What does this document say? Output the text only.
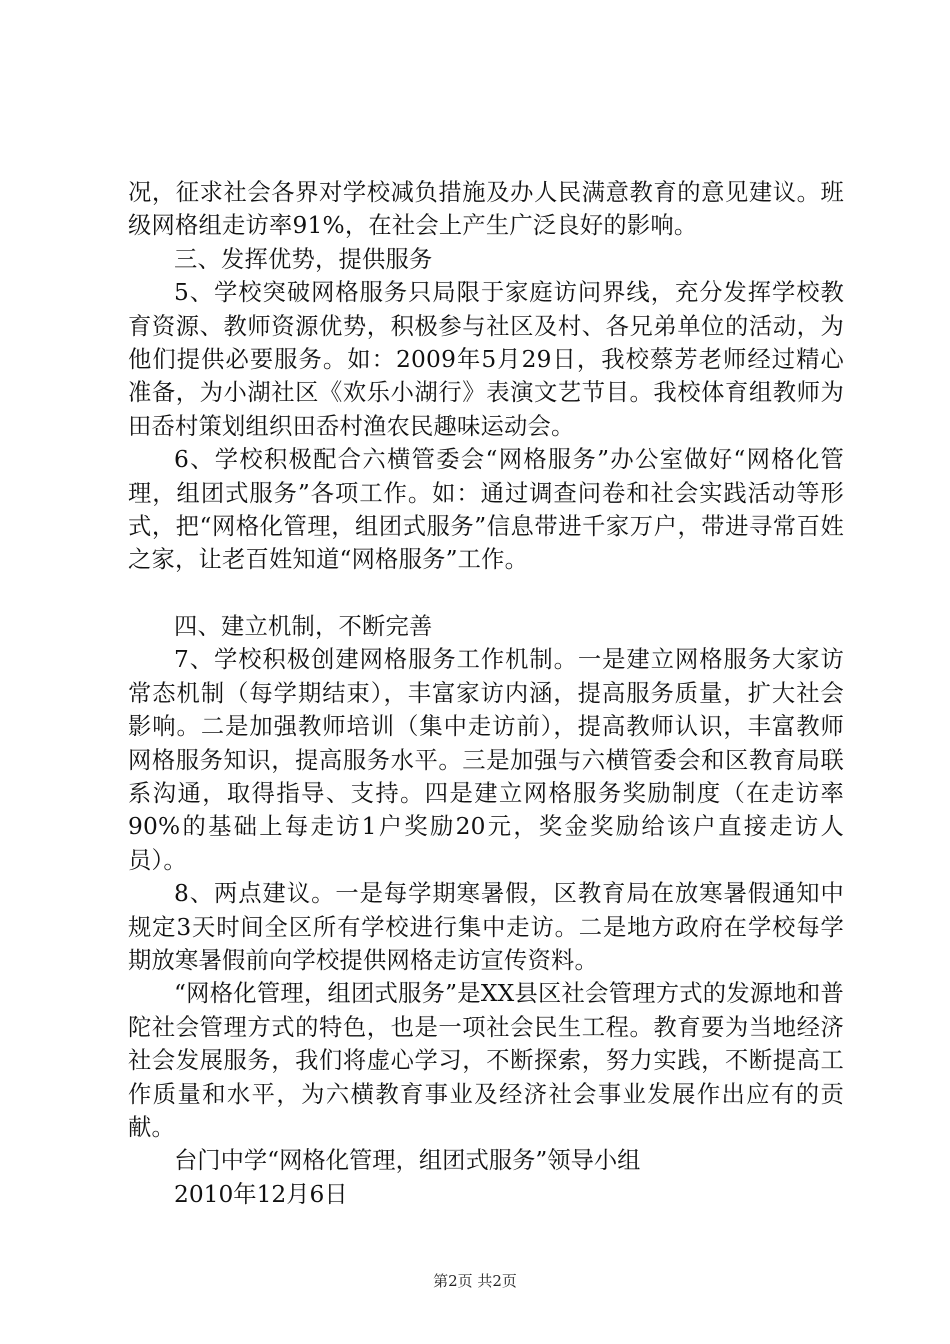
况，征求社会各界对学校减负措施及办人民满意教育的意见建议。班级网格组走访率91%，在社会上产生广泛良好的影响。

三、发挥优势，提供服务

5、学校突破网格服务只局限于家庭访问界线，充分发挥学校教育资源、教师资源优势，积极参与社区及村、各兄弟单位的活动，为他们提供必要服务。如：2009年5月29日，我校蔡芳老师经过精心准备，为小湖社区《欢乐小湖行》表演文艺节目。我校体育组教师为田岙村策划组织田岙村渔农民趣味运动会。

6、学校积极配合六横管委会“网格服务”办公室做好“网格化管理，组团式服务”各项工作。如：通过调查问卷和社会实践活动等形式，把“网格化管理，组团式服务”信息带进千家万户，带进寻常百姓之家，让老百姓知道“网格服务”工作。

四、建立机制，不断完善

7、学校积极创建网格服务工作机制。一是建立网格服务大家访常态机制（每学期结束），丰富家访内涵，提高服务质量，扩大社会影响。二是加强教师培训（集中走访前），提高教师认识，丰富教师网格服务知识，提高服务水平。三是加强与六横管委会和区教育局联系沟通，取得指导、支持。四是建立网格服务奖励制度（在走访率90%的基础上每走访1户奖励20元，奖金奖励给该户直接走访人员）。

8、两点建议。一是每学期寒暑假，区教育局在放寒暑假通知中规定3天时间全区所有学校进行集中走访。二是地方政府在学校每学期放寒暑假前向学校提供网格走访宣传资料。

“网格化管理，组团式服务”是XX县区社会管理方式的发源地和普陀社会管理方式的特色，也是一项社会民生工程。教育要为当地经济社会发展服务，我们将虚心学习，不断探索，努力实践，不断提高工作质量和水平，为六横教育事业及经济社会事业发展作出应有的贡献。

台门中学“网格化管理，组团式服务”领导小组

2010年12月6日

第2页 共2页
